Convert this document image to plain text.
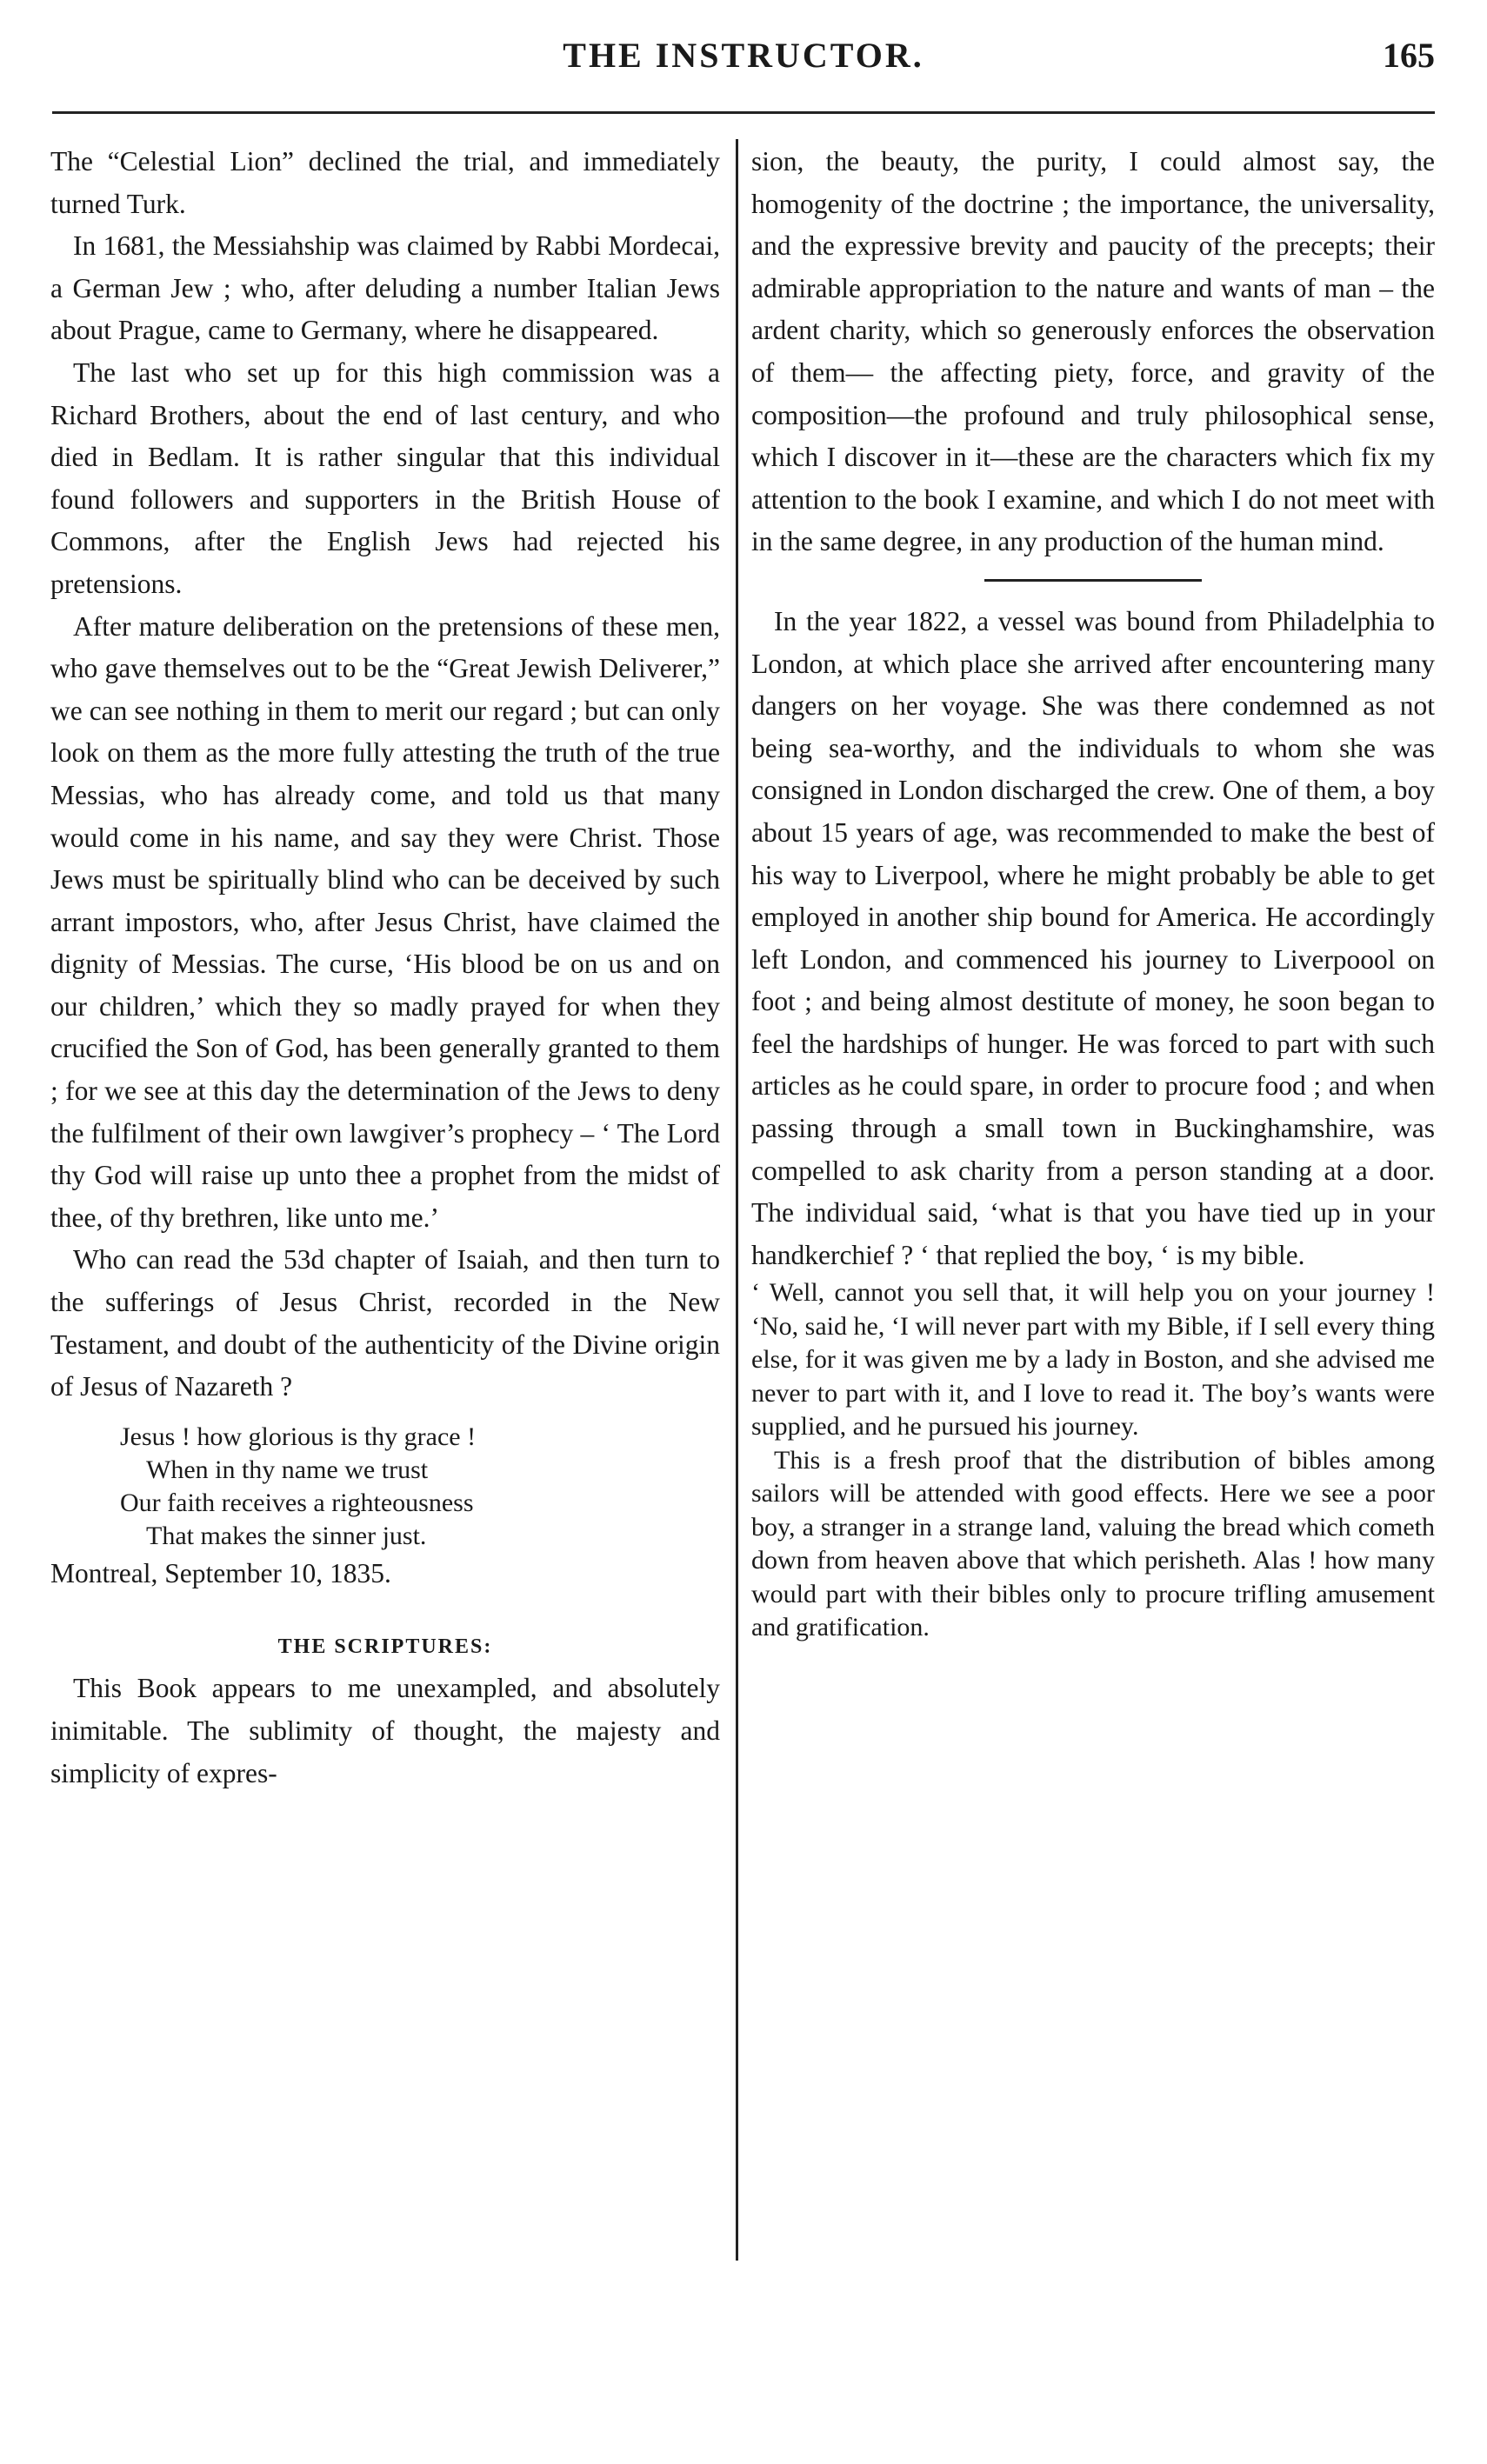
THE INSTRUCTOR.	165

The “Celestial Lion” declined the trial, and immediately turned Turk.

In 1681, the Messiahship was claimed by Rabbi Mordecai, a German Jew ; who, after deluding a number Italian Jews about Prague, came to Germany, where he disappeared.

The last who set up for this high commission was a Richard Brothers, about the end of last century, and who died in Bedlam. It is rather singular that this individual found followers and supporters in the British House of Commons, after the English Jews had rejected his pretensions.

After mature deliberation on the pretensions of these men, who gave themselves out to be the “Great Jewish Deliverer,” we can see nothing in them to merit our regard ; but can only look on them as the more fully attesting the truth of the true Messias, who has already come, and told us that many would come in his name, and say they were Christ. Those Jews must be spiritually blind who can be deceived by such arrant impostors, who, after Jesus Christ, have claimed the dignity of Messias. The curse, ‘His blood be on us and on our children,’ which they so madly prayed for when they crucified the Son of God, has been generally granted to them ; for we see at this day the determination of the Jews to deny the fulfilment of their own lawgiver’s prophecy – ‘ The Lord thy God will raise up unto thee a prophet from the midst of thee, of thy brethren, like unto me.’

Who can read the 53d chapter of Isaiah, and then turn to the sufferings of Jesus Christ, recorded in the New Testament, and doubt of the authenticity of the Divine origin of Jesus of Nazareth ?

Jesus ! how glorious is thy grace !
When in thy name we trust
Our faith receives a righteousness
That makes the sinner just.

Montreal, September 10, 1835.

THE SCRIPTURES:

This Book appears to me unexampled, and absolutely inimitable. The sublimity of thought, the majesty and simplicity of expres-

sion, the beauty, the purity, I could almost say, the homogenity of the doctrine ; the importance, the universality, and the expressive brevity and paucity of the precepts; their admirable appropriation to the nature and wants of man – the ardent charity, which so generously enforces the observation of them— the affecting piety, force, and gravity of the composition—the profound and truly philosophical sense, which I discover in it—these are the characters which fix my attention to the book I examine, and which I do not meet with in the same degree, in any production of the human mind.

In the year 1822, a vessel was bound from Philadelphia to London, at which place she arrived after encountering many dangers on her voyage. She was there condemned as not being sea-worthy, and the individuals to whom she was consigned in London discharged the crew. One of them, a boy about 15 years of age, was recommended to make the best of his way to Liverpool, where he might probably be able to get employed in another ship bound for America. He accordingly left London, and commenced his journey to Liverpoool on foot ; and being almost destitute of money, he soon began to feel the hardships of hunger. He was forced to part with such articles as he could spare, in order to procure food ; and when passing through a small town in Buckinghamshire, was compelled to ask charity from a person standing at a door. The individual said, ‘what is that you have tied up in your handkerchief ? ‘ that replied the boy, ‘ is my bible.

‘ Well, cannot you sell that, it will help you on your journey ! ‘No, said he, ‘I will never part with my Bible, if I sell every thing else, for it was given me by a lady in Boston, and she advised me never to part with it, and I love to read it. The boy’s wants were supplied, and he pursued his journey.

This is a fresh proof that the distribution of bibles among sailors will be attended with good effects. Here we see a poor boy, a stranger in a strange land, valuing the bread which cometh down from heaven above that which perisheth. Alas ! how many would part with their bibles only to procure trifling amusement and gratification.
